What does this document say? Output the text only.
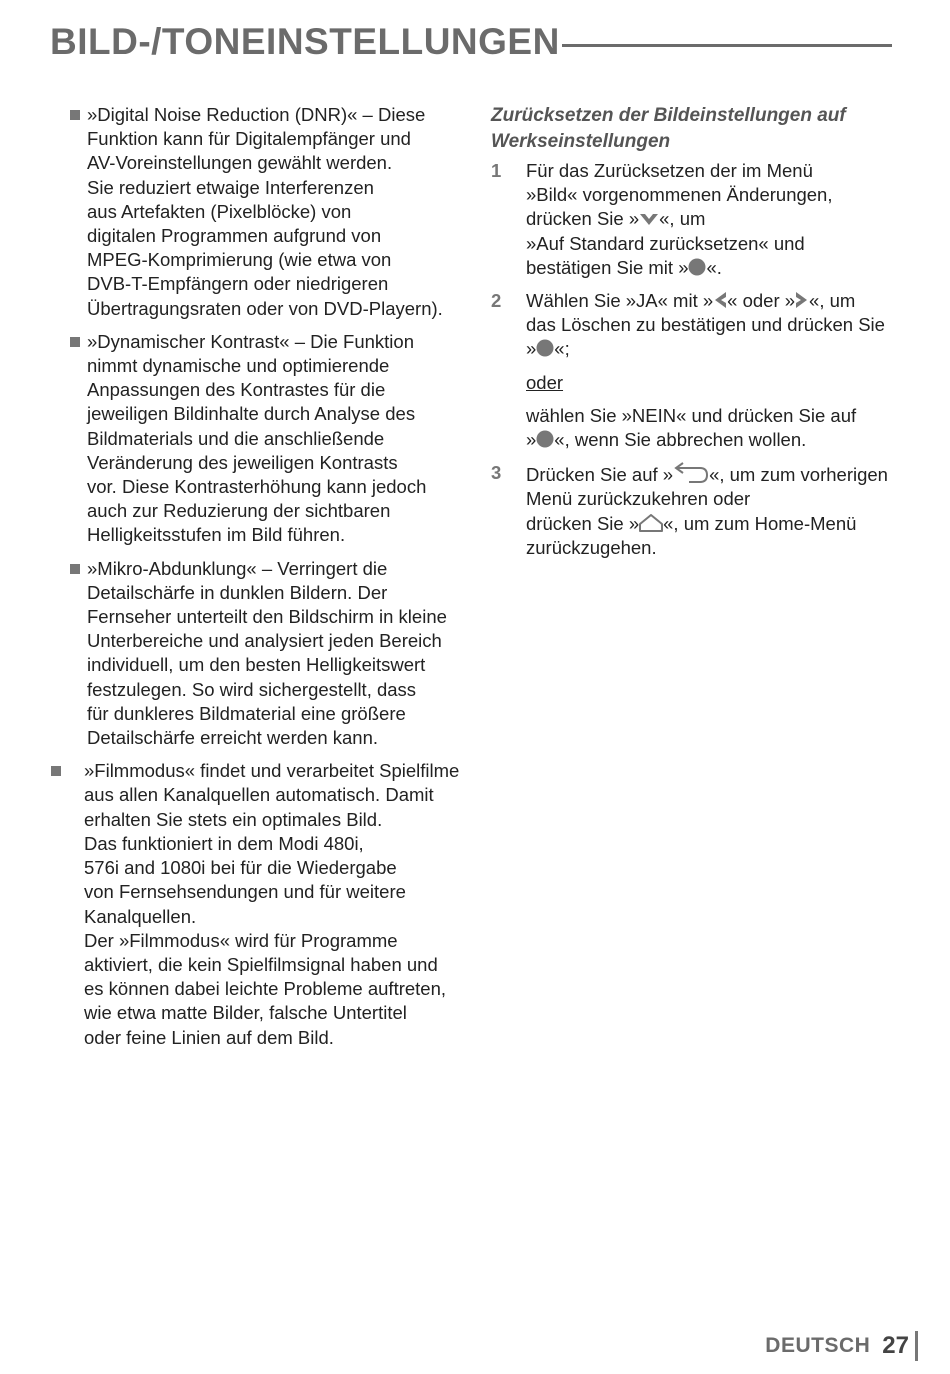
BILD-/TONEINSTELLUNGEN

»Digital Noise Reduction (DNR)« – Diese
Funktion kann für Digitalempfänger und
AV-Voreinstellungen gewählt werden.
Sie reduziert etwaige Interferenzen
aus Artefakten (Pixelblöcke) von
digitalen Programmen aufgrund von
MPEG-Komprimierung (wie etwa von
DVB-T-Empfängern oder niedrigeren
Übertragungsraten oder von DVD-Playern).

»Dynamischer Kontrast« – Die Funktion
nimmt dynamische und optimierende
Anpassungen des Kontrastes für die
jeweiligen Bildinhalte durch Analyse des
Bildmaterials und die anschließende
Veränderung des jeweiligen Kontrasts
vor. Diese Kontrasterhöhung kann jedoch
auch zur Reduzierung der sichtbaren
Helligkeitsstufen im Bild führen.

»Mikro-Abdunklung« – Verringert die
Detailschärfe in dunklen Bildern. Der
Fernseher unterteilt den Bildschirm in kleine
Unterbereiche und analysiert jeden Bereich
individuell, um den besten Helligkeitswert
festzulegen. So wird sichergestellt, dass
für dunkleres Bildmaterial eine größere
Detailschärfe erreicht werden kann.

»Filmmodus« findet und verarbeitet Spielfilme
aus allen Kanalquellen automatisch. Damit
erhalten Sie stets ein optimales Bild.
Das funktioniert in dem Modi 480i,
576i and 1080i bei für die Wiedergabe
von Fernsehsendungen und für weitere
Kanalquellen.
Der »Filmmodus« wird für Programme
aktiviert, die kein Spielfilmsignal haben und
es können dabei leichte Probleme auftreten,
wie etwa matte Bilder, falsche Untertitel
oder feine Linien auf dem Bild.

Zurücksetzen der Bildeinstellungen auf
Werkseinstellungen
1 Für das Zurücksetzen der im Menü
»Bild« vorgenommenen Änderungen,
drücken Sie » «, um
»Auf Standard zurücksetzen« und
bestätigen Sie mit » «.

2 Wählen Sie »JA« mit » « oder » «, um
das Löschen zu bestätigen und drücken Sie
» «;

oder

wählen Sie »NEIN« und drücken Sie auf
» «, wenn Sie abbrechen wollen.

3 Drücken Sie auf » «, um zum vorherigen
Menü zurückzukehren oder
drücken Sie » «, um zum Home-Menü
zurückzugehen.

DEUTSCH 27
